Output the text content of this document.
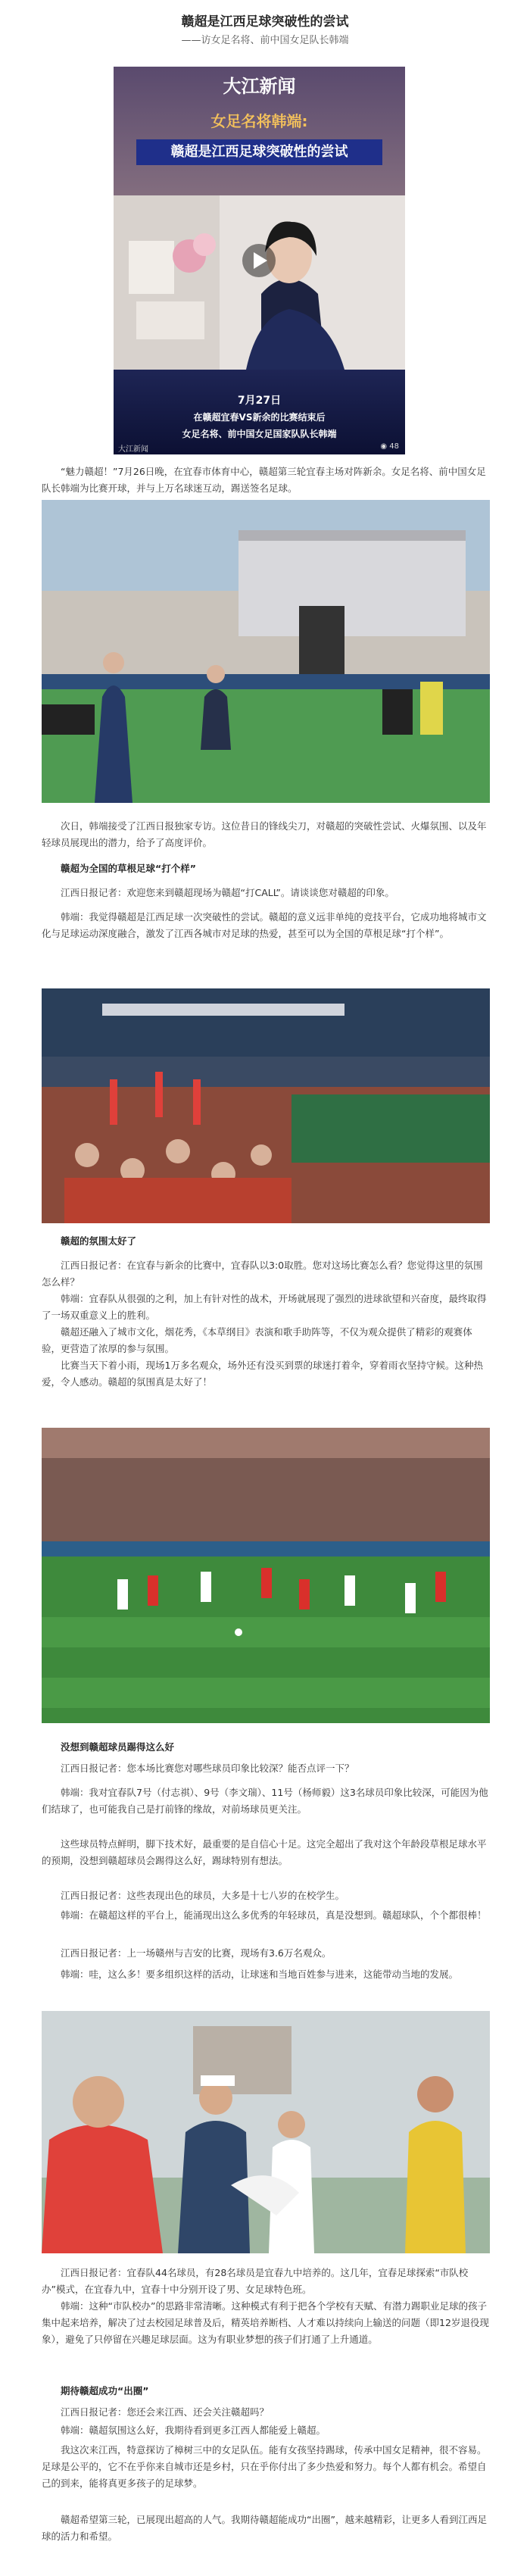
赣超是江西足球突破性的尝试
——访女足名将、前中国女足队长韩端
大江新闻
女足名将韩端:
赣超是江西足球突破性的尝试
7月27日
在赣超宜春VS新余的比赛结束后
女足名将、前中国女足国家队队长韩端
大江新闻	◉ 48

“魅力赣超！”7月26日晚，在宜春市体育中心，赣超第三轮宜春主场对阵新余。女足名将、前中国女足队长韩端为比赛开球，并与上万名球迷互动，踢送签名足球。

次日，韩端接受了江西日报独家专访。这位昔日的锋线尖刀，对赣超的突破性尝试、火爆氛围、以及年轻球员展现出的潜力，给予了高度评价。

赣超为全国的草根足球“打个样”

江西日报记者：欢迎您来到赣超现场为赣超“打CALL”。请谈谈您对赣超的印象。

韩端：我觉得赣超是江西足球一次突破性的尝试。赣超的意义远非单纯的竞技平台，它成功地将城市文化与足球运动深度融合，激发了江西各城市对足球的热爱，甚至可以为全国的草根足球“打个样”。

赣超的氛围太好了

江西日报记者：在宜春与新余的比赛中，宜春队以3:0取胜。您对这场比赛怎么看？您觉得这里的氛围怎么样？

韩端：宜春队从很强的之利，加上有针对性的战术，开场就展现了强烈的进球欲望和兴奋度，最终取得了一场双重意义上的胜利。

赣超还融入了城市文化，烟花秀，《本草纲目》表演和歌手助阵等，不仅为观众提供了精彩的观赛体验，更营造了浓厚的参与氛围。

比赛当天下着小雨，现场1万多名观众，场外还有没买到票的球迷打着伞，穿着雨衣坚持守候。这种热爱，令人感动。赣超的氛围真是太好了！

没想到赣超球员踢得这么好

江西日报记者：您本场比赛您对哪些球员印象比较深？能否点评一下？

韩端：我对宜春队7号（付志祺）、9号（李文瑞）、11号（杨师毅）这3名球员印象比较深，可能因为他们结球了，也可能我自己是打前锋的缘故，对前场球员更关注。

这些球员特点鲜明，脚下技术好，最重要的是自信心十足。这完全超出了我对这个年龄段草根足球水平的预期，没想到赣超球员会踢得这么好，踢球特别有想法。

江西日报记者：这些表现出色的球员，大多是十七八岁的在校学生。

韩端：在赣超这样的平台上，能涌现出这么多优秀的年轻球员，真是没想到。赣超球队，个个都很棒！

江西日报记者：上一场赣州与吉安的比赛，现场有3.6万名观众。

韩端：哇，这么多！要多组织这样的活动，让球迷和当地百姓参与进来，这能带动当地的发展。

江西日报记者：宜春队44名球员，有28名球员是宜春九中培养的。这几年，宜春足球探索“市队校办”模式，在宜春九中，宜春十中分别开设了男、女足球特色班。

韩端：这种“市队校办”的思路非常清晰。这种模式有利于把各个学校有天赋、有潜力踢职业足球的孩子集中起来培养，解决了过去校园足球普及后，精英培养断档、人才难以持续向上输送的问题（即12岁退役现象），避免了只停留在兴趣足球层面。这为有职业梦想的孩子们打通了上升通道。

期待赣超成功“出圈”

江西日报记者：您还会来江西、还会关注赣超吗？

韩端：赣超氛围这么好，我期待看到更多江西人都能爱上赣超。

我这次来江西，特意探访了樟树三中的女足队伍。能有女孩坚持踢球，传承中国女足精神，很不容易。足球是公平的，它不在乎你来自城市还是乡村，只在乎你付出了多少热爱和努力。每个人都有机会。希望自己的到来，能将真更多孩子的足球梦。

赣超希望第三轮，已展现出超高的人气。我期待赣超能成功“出圈”，越来越精彩，让更多人看到江西足球的活力和希望。
